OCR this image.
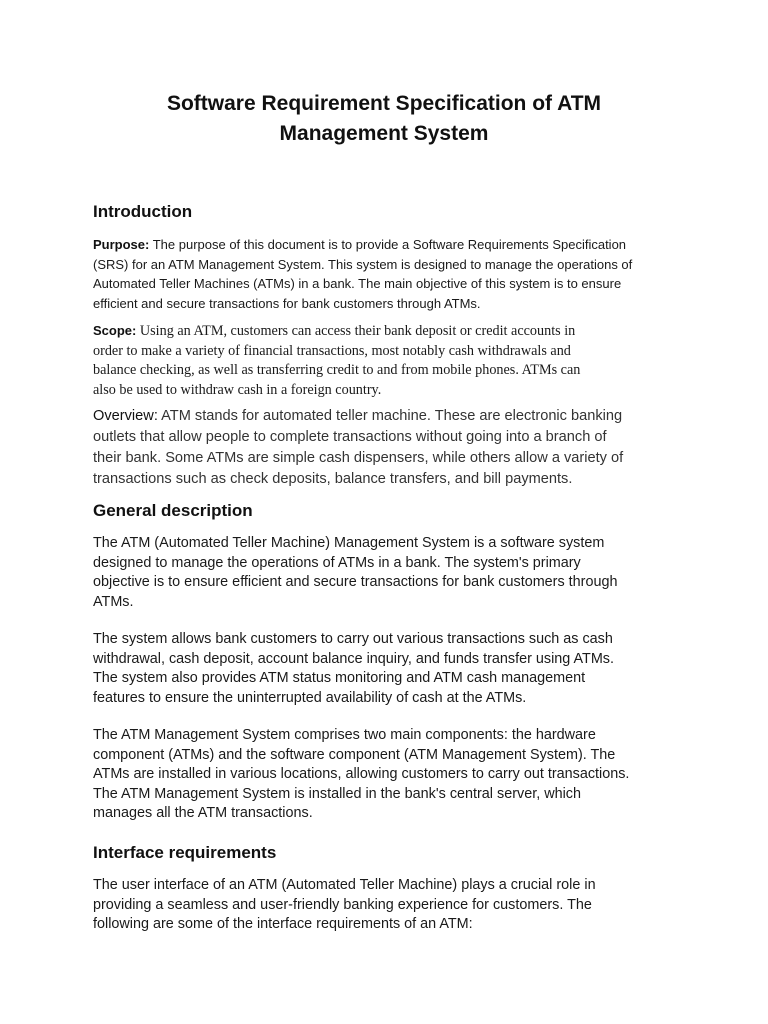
Software Requirement Specification of ATM
Management System
Introduction
Purpose: The purpose of this document is to provide a Software Requirements Specification
(SRS) for an ATM Management System. This system is designed to manage the operations of
Automated Teller Machines (ATMs) in a bank. The main objective of this system is to ensure
efficient and secure transactions for bank customers through ATMs.
Scope: Using an ATM, customers can access their bank deposit or credit accounts in
order to make a variety of financial transactions, most notably cash withdrawals and
balance checking, as well as transferring credit to and from mobile phones. ATMs can
also be used to withdraw cash in a foreign country.
Overview: ATM stands for automated teller machine. These are electronic banking
outlets that allow people to complete transactions without going into a branch of
their bank. Some ATMs are simple cash dispensers, while others allow a variety of
transactions such as check deposits, balance transfers, and bill payments.
General description
The ATM (Automated Teller Machine) Management System is a software system
designed to manage the operations of ATMs in a bank. The system's primary
objective is to ensure efficient and secure transactions for bank customers through
ATMs.
The system allows bank customers to carry out various transactions such as cash
withdrawal, cash deposit, account balance inquiry, and funds transfer using ATMs.
The system also provides ATM status monitoring and ATM cash management
features to ensure the uninterrupted availability of cash at the ATMs.
The ATM Management System comprises two main components: the hardware
component (ATMs) and the software component (ATM Management System). The
ATMs are installed in various locations, allowing customers to carry out transactions.
The ATM Management System is installed in the bank's central server, which
manages all the ATM transactions.
Interface requirements
The user interface of an ATM (Automated Teller Machine) plays a crucial role in
providing a seamless and user-friendly banking experience for customers. The
following are some of the interface requirements of an ATM:
